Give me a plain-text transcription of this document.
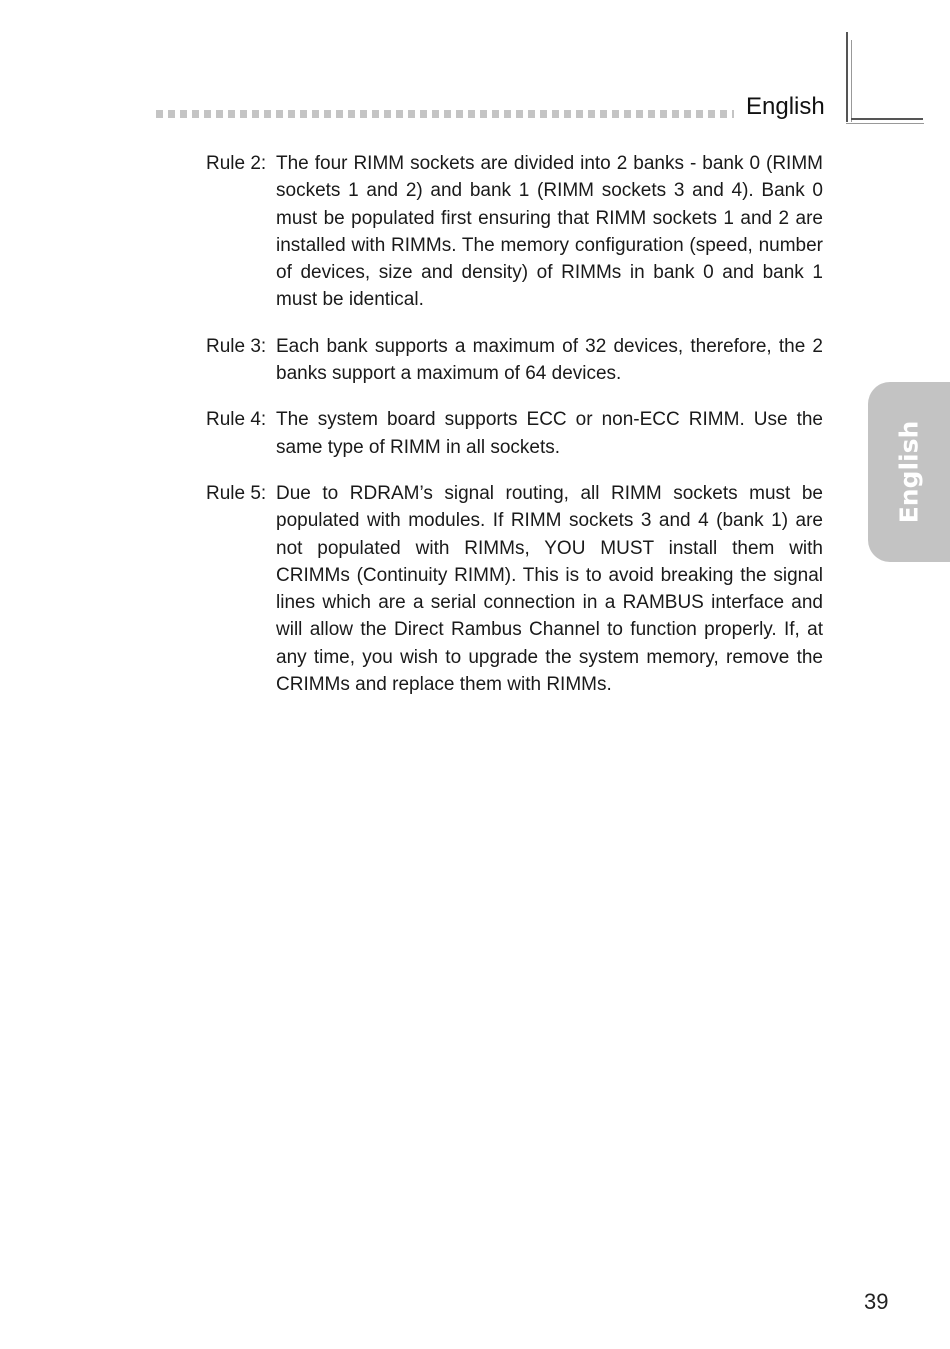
English
English
Rule 2: The four RIMM sockets are divided into 2 banks - bank 0 (RIMM sockets 1 and 2) and bank 1 (RIMM sockets 3 and 4). Bank 0 must be populated first ensuring that RIMM sockets 1 and 2 are installed with RIMMs. The memory configuration (speed, number of devices, size and density) of RIMMs in bank 0 and bank 1 must be identical.
Rule 3: Each bank supports a maximum of 32 devices, therefore, the 2 banks support a maximum of 64 devices.
Rule 4: The system board supports ECC or non-ECC RIMM. Use the same type of RIMM in all sockets.
Rule 5: Due to RDRAM’s signal routing, all RIMM sockets must be populated with modules. If RIMM sockets 3 and 4 (bank 1) are not populated with RIMMs, YOU MUST install them with CRIMMs (Continuity RIMM). This is to avoid breaking the signal lines which are a serial connection in a RAMBUS interface and will allow the Direct Rambus Channel to function properly. If, at any time, you wish to upgrade the system memory, remove the CRIMMs and replace them with RIMMs.
39
